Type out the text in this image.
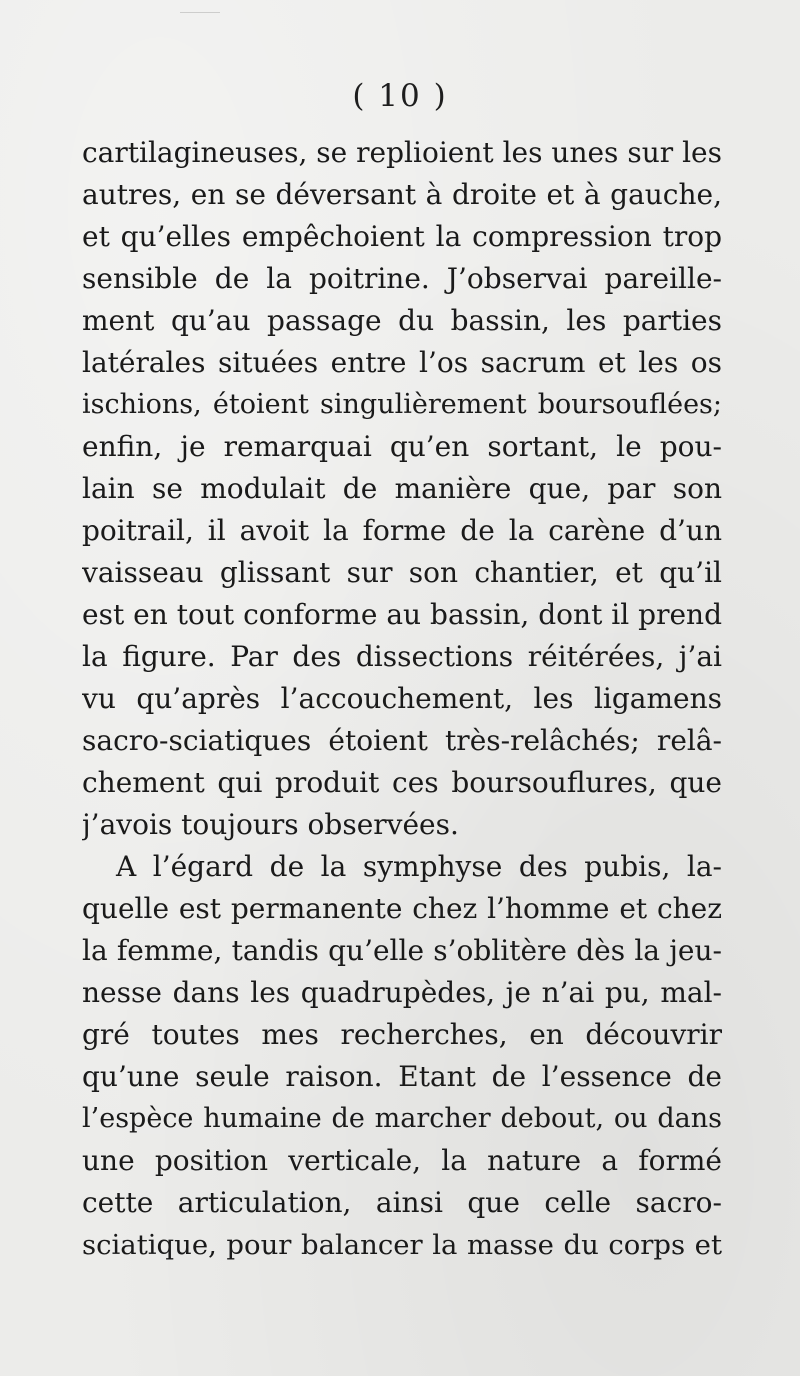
( 10 )
cartilagineuses, se replioient les unes sur les
autres, en se déversant à droite et à gauche,
et qu’elles empêchoient la compression trop
sensible de la poitrine. J’observai pareille-
ment qu’au passage du bassin, les parties
latérales situées entre l’os sacrum et les os
ischions, étoient singulièrement boursouflées;
enfin, je remarquai qu’en sortant, le pou-
lain se modulait de manière que, par son
poitrail, il avoit la forme de la carène d’un
vaisseau glissant sur son chantier, et qu’il
est en tout conforme au bassin, dont il prend
la figure. Par des dissections réitérées, j’ai
vu qu’après l’accouchement, les ligamens
sacro-sciatiques étoient très-relâchés; relâ-
chement qui produit ces boursouflures, que
j’avois toujours observées.
A l’égard de la symphyse des pubis, la-
quelle est permanente chez l’homme et chez
la femme, tandis qu’elle s’oblitère dès la jeu-
nesse dans les quadrupèdes, je n’ai pu, mal-
gré toutes mes recherches, en découvrir
qu’une seule raison. Etant de l’essence de
l’espèce humaine de marcher debout, ou dans
une position verticale, la nature a formé
cette articulation, ainsi que celle sacro-
sciatique, pour balancer la masse du corps et
